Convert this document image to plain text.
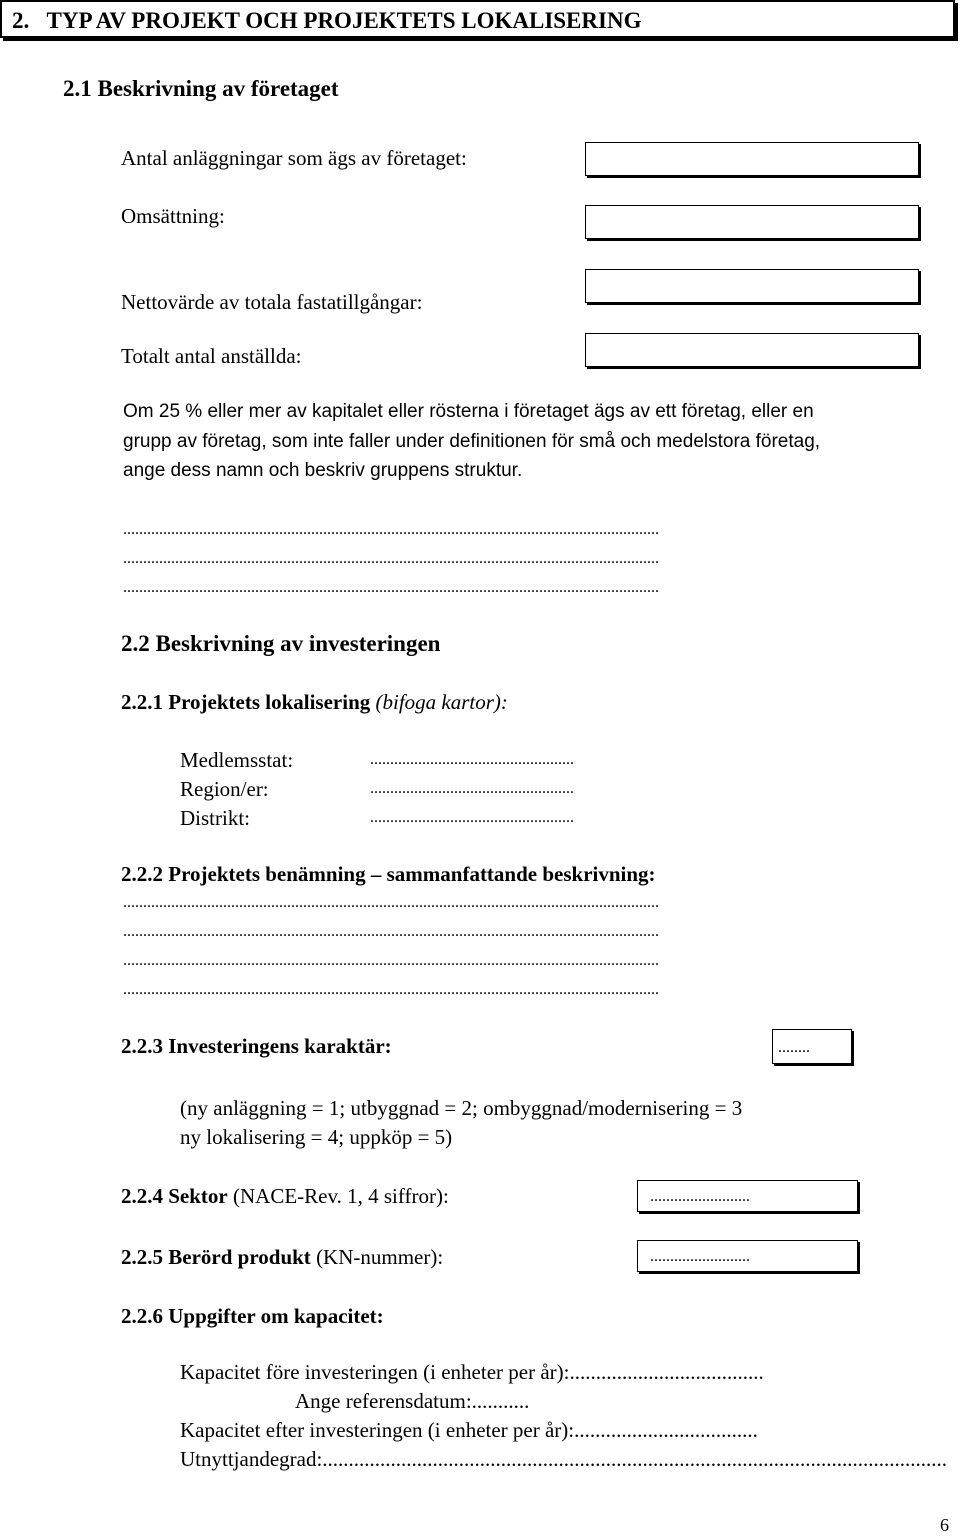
2.   TYP AV PROJEKT OCH PROJEKTETS LOKALISERING
2.1 Beskrivning av företaget
Antal anläggningar som ägs av företaget:
Omsättning:
Nettovärde av totala fastatillgångar:
Totalt antal anställda:
Om 25 % eller mer av kapitalet eller rösterna i företaget ägs av ett företag, eller en
grupp av företag, som inte faller under definitionen för små och medelstora företag,
ange dess namn och beskriv gruppens struktur.
......................................................................................................................................
......................................................................................................................................
......................................................................................................................................
2.2 Beskrivning av investeringen
2.2.1 Projektets lokalisering (bifoga kartor):
Medlemsstat:	...................................................
Region/er:	...................................................
Distrikt:	...................................................
2.2.2 Projektets benämning – sammanfattande beskrivning:
......................................................................................................................................
......................................................................................................................................
......................................................................................................................................
......................................................................................................................................
2.2.3 Investeringens karaktär:	........
(ny anläggning = 1; utbyggnad = 2; ombyggnad/modernisering = 3
ny lokalisering = 4; uppköp = 5)
2.2.4 Sektor (NACE-Rev. 1, 4 siffror):	.........................
2.2.5 Berörd produkt (KN-nummer):	.........................
2.2.6 Uppgifter om kapacitet:
Kapacitet före investeringen (i enheter per år):.....................................
Ange referensdatum:...........
Kapacitet efter investeringen (i enheter per år):...................................
Utnyttjandegrad:.......................................................................................................................
6
